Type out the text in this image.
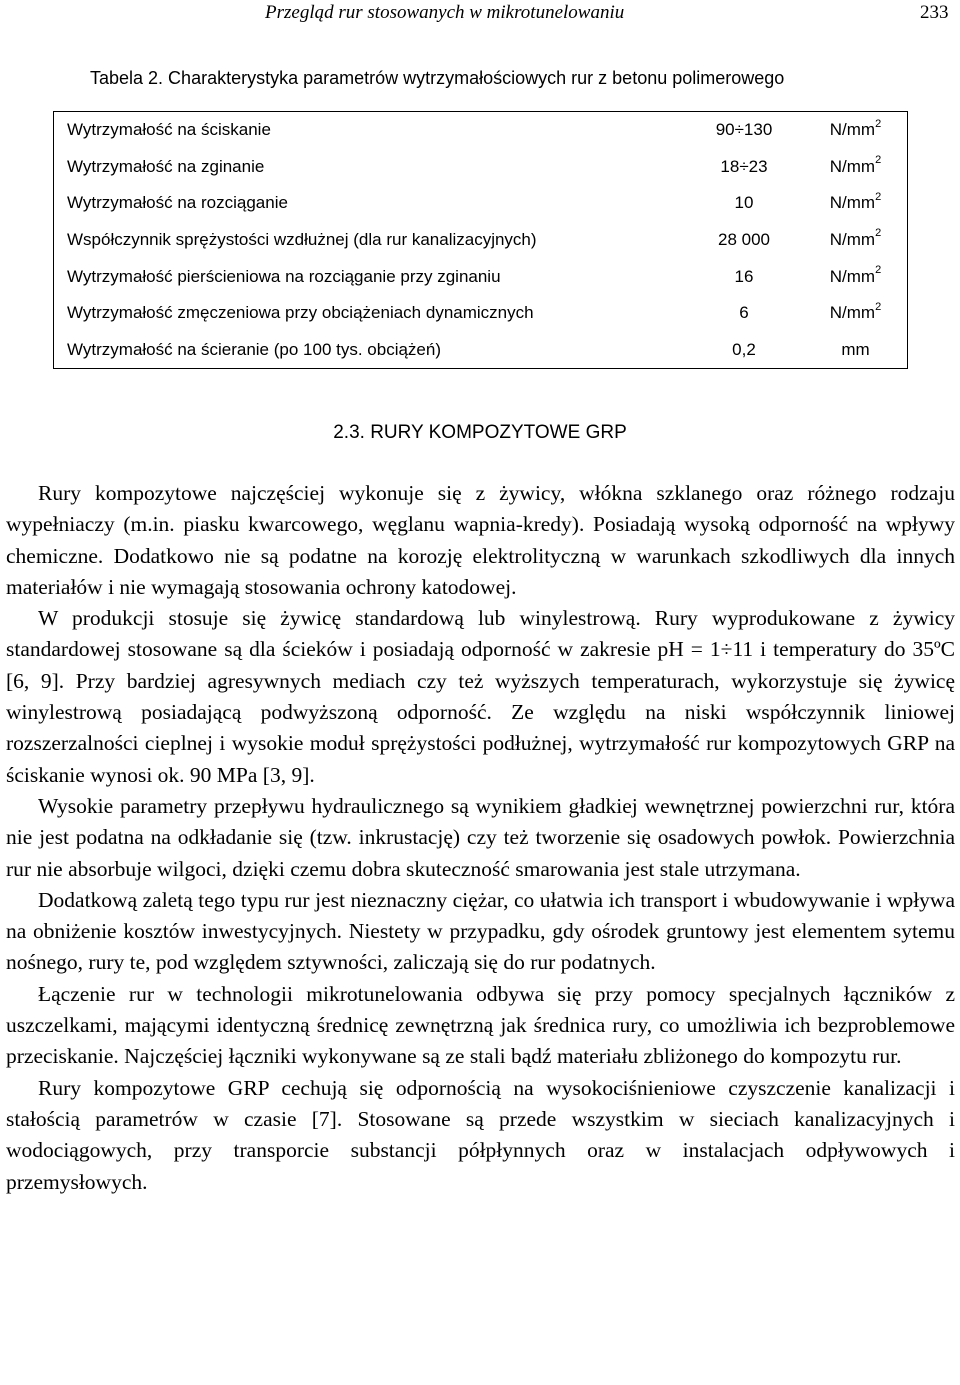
Przegląd rur stosowanych w mikrotunelowaniu	233
Tabela 2. Charakterystyka parametrów wytrzymałościowych rur z betonu polimerowego
Wytrzymałość na ściskanie	90÷130	$N/mm^2$
Wytrzymałość na zginanie	18÷23	$N/mm^2$
Wytrzymałość na rozciąganie	10	$N/mm^2$
Współczynnik sprężystości wzdłużnej (dla rur kanalizacyjnych)	28 000	$N/mm^2$
Wytrzymałość pierścieniowa na rozciąganie przy zginaniu	16	$N/mm^2$
Wytrzymałość zmęczeniowa przy obciążeniach dynamicznych	6	$N/mm^2$
Wytrzymałość na ścieranie (po 100 tys. obciążeń)	0,2	mm
2.3. RURY KOMPOZYTOWE GRP

Rury kompozytowe najczęściej wykonuje się z żywicy, włókna szklanego oraz różnego rodzaju wypełniaczy (m.in. piasku kwarcowego, węglanu wapnia-kredy). Posiadają wysoką odporność na wpływy chemiczne. Dodatkowo nie są podatne na korozję elektrolityczną w warunkach szkodliwych dla innych materiałów i nie wymagają stosowania ochrony katodowej.

W produkcji stosuje się żywicę standardową lub winylestrową. Rury wyprodukowane z żywicy standardowej stosowane są dla ścieków i posiadają odporność w zakresie pH = 1÷11 i temperatury do 35ºC [6, 9]. Przy bardziej agresywnych mediach czy też wyższych temperaturach, wykorzystuje się żywicę winylestrową posiadającą podwyższoną odporność. Ze względu na niski współczynnik liniowej rozszerzalności cieplnej i wysokie moduł sprężystości podłużnej, wytrzymałość rur kompozytowych GRP na ściskanie wynosi ok. 90 MPa [3, 9].

Wysokie parametry przepływu hydraulicznego są wynikiem gładkiej wewnętrznej powierzchni rur, która nie jest podatna na odkładanie się (tzw. inkrustację) czy też tworzenie się osadowych powłok. Powierzchnia rur nie absorbuje wilgoci, dzięki czemu dobra skuteczność smarowania jest stale utrzymana.

Dodatkową zaletą tego typu rur jest nieznaczny ciężar, co ułatwia ich transport i wbudowywanie i wpływa na obniżenie kosztów inwestycyjnych. Niestety w przypadku, gdy ośrodek gruntowy jest elementem sytemu nośnego, rury te, pod względem sztywności, zaliczają się do rur podatnych.

Łączenie rur w technologii mikrotunelowania odbywa się przy pomocy specjalnych łączników z uszczelkami, mającymi identyczną średnicę zewnętrzną jak średnica rury, co umożliwia ich bezproblemowe przeciskanie. Najczęściej łączniki wykonywane są ze stali bądź materiału zbliżonego do kompozytu rur.

Rury kompozytowe GRP cechują się odpornością na wysokociśnieniowe czyszczenie kanalizacji i stałością parametrów w czasie [7]. Stosowane są przede wszystkim w sieciach kanalizacyjnych i wodociągowych, przy transporcie substancji półpłynnych oraz w instalacjach odpływowych i przemysłowych.
